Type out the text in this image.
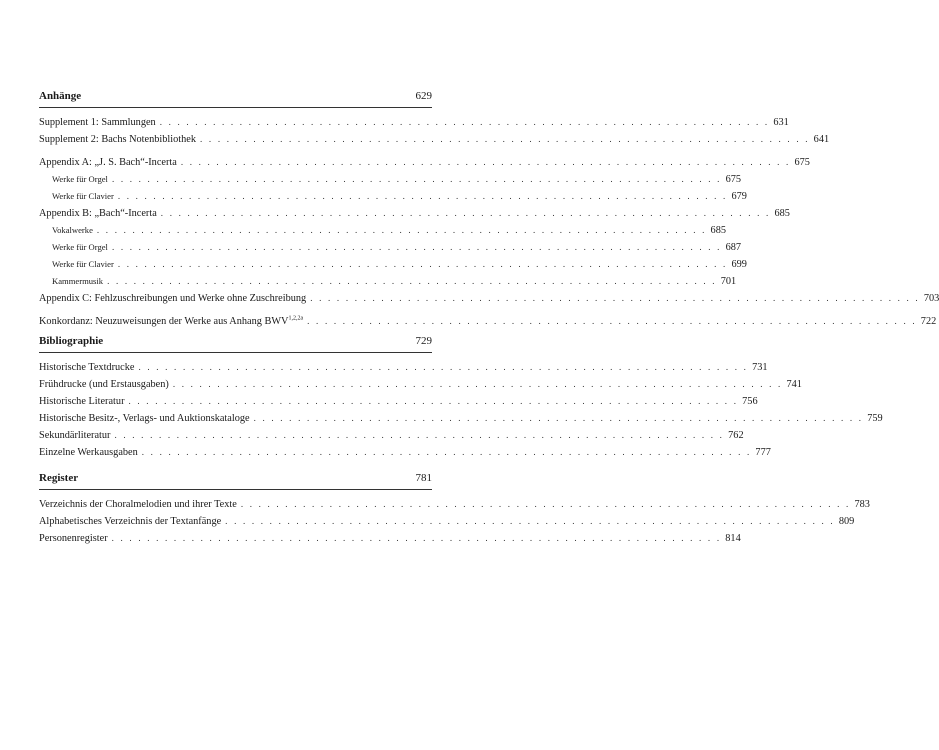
Anhänge	629
Supplement 1: Sammlungen . . . . . . . . . . . . . . . . . . . . . . . . . . . . . . . . . . . . . . . . . . . . . . . . . . . . . . . . . . . . . . . . . . . . . 631
Supplement 2: Bachs Notenbibliothek . . . . . . . . . . . . . . . . . . . . . . . . . . . . . . . . . . . . . . . . . . . . . . . . . . . . . . . . . . . . . . . . . . . . . 641
Appendix A: „J. S. Bach“-Incerta . . . . . . . . . . . . . . . . . . . . . . . . . . . . . . . . . . . . . . . . . . . . . . . . . . . . . . . . . . . . . . . . . . . . . 675
Werke für Orgel . . . . . . . . . . . . . . . . . . . . . . . . . . . . . . . . . . . . . . . . . . . . . . . . . . . . . . . . . . . . . . . . . . . . . 675
Werke für Clavier . . . . . . . . . . . . . . . . . . . . . . . . . . . . . . . . . . . . . . . . . . . . . . . . . . . . . . . . . . . . . . . . . . . . . 679
Appendix B: „Bach“-Incerta . . . . . . . . . . . . . . . . . . . . . . . . . . . . . . . . . . . . . . . . . . . . . . . . . . . . . . . . . . . . . . . . . . . . . 685
Vokalwerke . . . . . . . . . . . . . . . . . . . . . . . . . . . . . . . . . . . . . . . . . . . . . . . . . . . . . . . . . . . . . . . . . . . . . 685
Werke für Orgel . . . . . . . . . . . . . . . . . . . . . . . . . . . . . . . . . . . . . . . . . . . . . . . . . . . . . . . . . . . . . . . . . . . . . 687
Werke für Clavier . . . . . . . . . . . . . . . . . . . . . . . . . . . . . . . . . . . . . . . . . . . . . . . . . . . . . . . . . . . . . . . . . . . . . 699
Kammermusik . . . . . . . . . . . . . . . . . . . . . . . . . . . . . . . . . . . . . . . . . . . . . . . . . . . . . . . . . . . . . . . . . . . . . 701
Appendix C: Fehlzuschreibungen und Werke ohne Zuschreibung . . . . . . . . . . . . . . . . . . . . . . . . . . . . . . . . . . . . . . . . . . . . . . . . . . . . . . . . . . . . . . . . . . . . . 703
Konkordanz: Neuzuweisungen der Werke aus Anhang $BWV^{1,2,2a}$ . . . . . . . . . . . . . . . . . . . . . . . . . . . . . . . . . . . . . . . . . . . . . . . . . . . . . . . . . . . . . . . . . . . . . 722
Bibliographie	729
Historische Textdrucke . . . . . . . . . . . . . . . . . . . . . . . . . . . . . . . . . . . . . . . . . . . . . . . . . . . . . . . . . . . . . . . . . . . . . 731
Frühdrucke (und Erstausgaben) . . . . . . . . . . . . . . . . . . . . . . . . . . . . . . . . . . . . . . . . . . . . . . . . . . . . . . . . . . . . . . . . . . . . . 741
Historische Literatur . . . . . . . . . . . . . . . . . . . . . . . . . . . . . . . . . . . . . . . . . . . . . . . . . . . . . . . . . . . . . . . . . . . . . 756
Historische Besitz-, Verlags- und Auktionskataloge . . . . . . . . . . . . . . . . . . . . . . . . . . . . . . . . . . . . . . . . . . . . . . . . . . . . . . . . . . . . . . . . . . . . . 759
Sekundärliteratur . . . . . . . . . . . . . . . . . . . . . . . . . . . . . . . . . . . . . . . . . . . . . . . . . . . . . . . . . . . . . . . . . . . . . 762
Einzelne Werkausgaben . . . . . . . . . . . . . . . . . . . . . . . . . . . . . . . . . . . . . . . . . . . . . . . . . . . . . . . . . . . . . . . . . . . . . 777
Register	781
Verzeichnis der Choralmelodien und ihrer Texte . . . . . . . . . . . . . . . . . . . . . . . . . . . . . . . . . . . . . . . . . . . . . . . . . . . . . . . . . . . . . . . . . . . . . 783
Alphabetisches Verzeichnis der Textanfänge . . . . . . . . . . . . . . . . . . . . . . . . . . . . . . . . . . . . . . . . . . . . . . . . . . . . . . . . . . . . . . . . . . . . . 809
Personenregister . . . . . . . . . . . . . . . . . . . . . . . . . . . . . . . . . . . . . . . . . . . . . . . . . . . . . . . . . . . . . . . . . . . . . 814
